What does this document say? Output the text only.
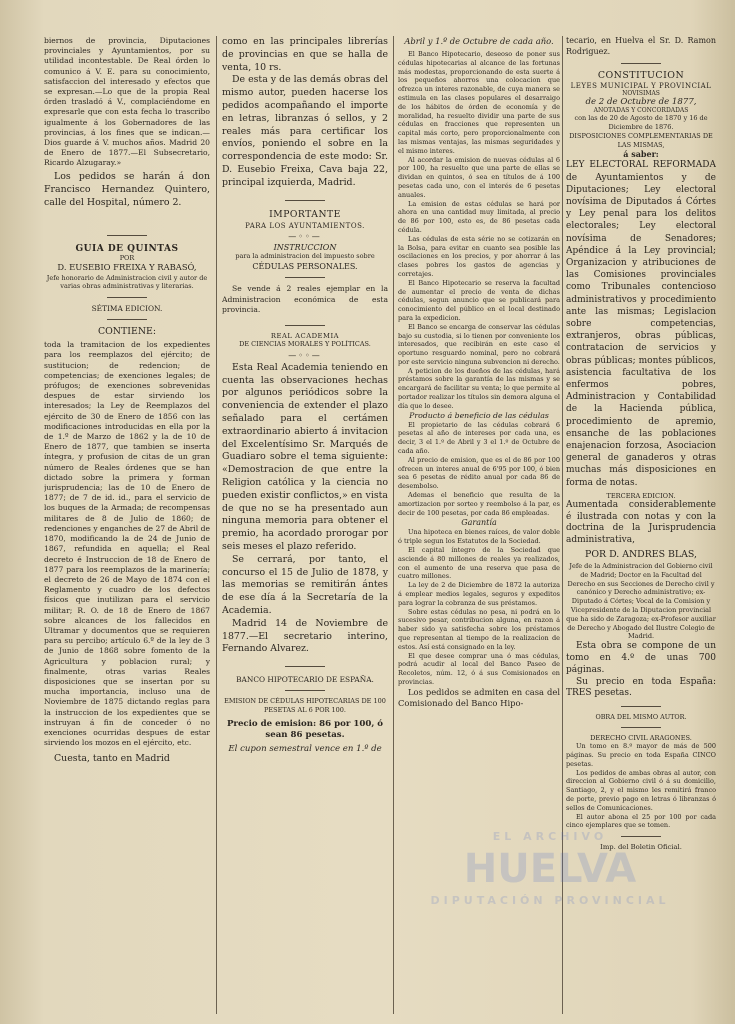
biernos de provincia, Diputaciones provinciales y Ayuntamientos, por su utilidad incontestable. De Real órden lo comunico á V. E. para su conocimiento, satisfaccion del interesado y efectos que se expresan.—Lo que de la propia Real órden trasladó á V., complaciéndome en expresarle que con esta fecha lo trascribo igualmente á los Gobernadores de las provincias, á los fines que se indican.—Dios guarde á V. muchos años. Madrid 20 de Enero de 1877.—El Subsecretario, Ricardo Alzugaray.»

Los pedidos se harán á don Francisco Hernandez Quintero, calle del Hospital, número 2.

GUIA DE QUINTAS

POR

D. EUSEBIO FREIXA Y RABASÓ,

Jefe honorario de Administracion civil y autor de varias obras administrativas y literarias.

SÉTIMA EDICION.

CONTIENE:

toda la tramitacion de los expedientes para los reemplazos del ejército; de sustitucion; de redencion; de competencias; de exenciones legales; de prófugos; de exenciones sobrevenidas despues de estar sirviendo los interesados; la Ley de Reemplazos del ejército de 30 de Enero de 1856 con las modificaciones introducidas en ella por la de 1.º de Marzo de 1862 y la de 10 de Enero de 1877, que tambien se inserta íntegra, y profusion de citas de un gran número de Reales órdenes que se han dictado sobre la primera y forman jurisprudencia; las de 10 de Enero de 1877; de 7 de id. id., para el servicio de los buques de la Armada; de recompensas militares de 8 de Julio de 1860; de redenciones y enganches de 27 de Abril de 1870, modificando la de 24 de Junio de 1867, refundida en aquella; el Real decreto é Instruccion de 18 de Enero de 1877 para los reemplazos de la marinería; el decreto de 26 de Mayo de 1874 con el Reglamento y cuadro de los defectos físicos que inutilizan para el servicio militar; R. O. de 18 de Enero de 1867 sobre alcances de los fallecidos en Ultramar y documentos que se requieren para su percibo; artículo 6.º de la ley de 3 de Junio de 1868 sobre fomento de la Agricultura y poblacion rural; y finalmente, otras varias Reales disposiciones que se insertan por su mucha importancia, incluso una de Noviembre de 1875 dictando reglas para la instruccion de los expedientes que se instruyan á fin de conceder ó no exenciones ocurridas despues de estar sirviendo los mozos en el ejército, etc.

Cuesta, tanto en Madrid

como en las principales librerías de provincias en que se halla de venta, 10 rs.

De esta y de las demás obras del mismo autor, pueden hacerse los pedidos acompañando el importe en letras, libranzas ó sellos, y 2 reales más para certificar los envíos, poniendo el sobre en la correspondencia de este modo: Sr. D. Eusebio Freixa, Cava baja 22, principal izquierda, Madrid.

IMPORTANTE

PARA LOS AYUNTAMIENTOS.

—◦◦—

INSTRUCCION

para la administracion del impuesto sobre

CÉDULAS PERSONALES.

Se vende á 2 reales ejemplar en la Administracion económica de esta provincia.

REAL ACADEMIA

DE CIENCIAS MORALES Y POLÍTICAS.

—◦◦—

Esta Real Academia teniendo en cuenta las observaciones hechas por algunos periódicos sobre la conveniencia de extender el plazo señalado para el certámen extraordinario abierto á invitacion del Excelentísimo Sr. Marqués de Guadiaro sobre el tema siguiente: «Demostracion de que entre la Religion católica y la ciencia no pueden existir conflictos,» en vista de que no se ha presentado aun ninguna memoria para obtener el premio, ha acordado prorogar por seis meses el plazo referido.

Se cerrará, por tanto, el concurso el 15 de Julio de 1878, y las memorias se remitirán ántes de ese día á la Secretaría de la Academia.

Madrid 14 de Noviembre de 1877.—El secretario interino, Fernando Alvarez.

BANCO HIPOTECARIO DE ESPAÑA.

EMISION DE CÉDULAS HIPOTECARIAS DE 100 PESETAS AL 6 POR 100.

Precio de emision: 86 por 100, ó sean 86 pesetas.

El cupon semestral vence en 1.º de

Abril y 1.º de Octubre de cada año.

El Banco Hipotecario, deseoso de poner sus cédulas hipotecarias al alcance de las fortunas más modestas, proporcionando de esta suerte á los pequeños ahorros una colocacion que ofrezca un interes razonable, de cuya manera se estimula en las clases populares el desarraigo de los hábitos de órden de economía y de moralidad, ha resuelto dividir una parte de sus cédulas en fracciones que representen un capital más corto, pero proporcionalmente con las mismas ventajas, las mismas seguridades y el mismo interes.

Al acordar la emision de nuevas cédulas al 6 por 100, ha resuelto que una parte de ellas se dividan en quintos, ó sea en títulos de á 100 pesetas cada uno, con el interés de 6 pesetas anuales.

La emision de estas cédulas se hará por ahora en una cantidad muy limitada, al precio de 86 por 100, esto es, de 86 pesetas cada cédula.

Las cédulas de esta série no se cotizarán en la Bolsa, para evitar en cuanto sea posible las oscilaciones en los precios, y por ahorrar á las clases pobres los gastos de agencias y corretajes.

El Banco Hipotecario se reserva la facultad de aumentar el precio de venta de dichas cédulas, segun anuncio que se publicará para conocimiento del público en el local destinado para la expedicion.

El Banco se encarga de conservar las cédulas bajo su custodia, si lo tienen por conveniente los interesados, que recibirán en este caso el oportuno resguardo nominal, pero no cobrará por este servicio ninguna subvencion ni derecho.

A peticion de los dueños de las cédulas, hará préstamos sobre la garantía de las mismas y se encargará de facilitar su venta; lo que permite al portador realizar los títulos sin demora alguna el día que lo desee.

Producto á beneficio de las cédulas

El propietario de las cédulas cobrará 6 pesetas al año de intereses por cada una, es decir, 3 el 1.º de Abril y 3 el 1.º de Octubre de cada año.

Al precio de emision, que es el de 86 por 100 ofrecen un interes anual de 6'95 por 100, ó bien sea 6 pesetas de rédito anual por cada 86 de desembolso.

Ademas el beneficio que resulta de la amortizacion por sorteo y reembolso á la par, es decir de 100 pesetas, por cada 86 empleadas.

Garantía

Una hipoteca en bienes raíces, de valor doble ó triple segun los Estatutos de la Sociedad.

El capital íntegro de la Sociedad que asciende á 80 millones de reales ya realizados, con el aumento de una reserva que pasa de cuatro millones.

La ley de 2 de Diciembre de 1872 la autoriza á emplear medios legales, seguros y expeditos para lograr la cobranza de sus préstamos.

Sobre estas cédulas no pesa, ni podrá en lo sucesivo pesar, contribucion alguna, en razon á haber sido ya satisfecha sobre los préstamos que representan al tiempo de la realizacion de estos. Así está consignado en la ley.

El que desee comprar una ó mas cédulas, podrá acudir al local del Banco Paseo de Recoletos, núm. 12, ó á sus Comisionados en provincias.

Los pedidos se admiten en casa del Comisionado del Banco Hipo-

tecario, en Huelva el Sr. D. Ramon Rodriguez.

CONSTITUCION

LEYES MUNICIPAL Y PROVINCIAL

NOVISIMAS

de 2 de Octubre de 1877,

ANOTADAS Y CONCORDADAS

con las de 20 de Agosto de 1870 y 16 de Diciembre de 1876.

DISPOSICIONES COMPLEMENTARIAS DE LAS MISMAS,

á saber:

LEY ELECTORAL REFORMADA de Ayuntamientos y de Diputaciones; Ley electoral novísima de Diputados á Córtes y Ley penal para los delitos electorales; Ley electoral novísima de Senadores; Apéndice á la Ley provincial; Organizacion y atribuciones de las Comisiones provinciales como Tribunales contencioso administrativos y procedimiento ante las mismas; Legislacion sobre competencias, extranjeros, obras públicas, contratacion de servicios y obras públicas; montes públicos, asistencia facultativa de los enfermos pobres, Administracion y Contabilidad de la Hacienda pública, procedimiento de apremio, ensanche de las poblaciones enajenacion forzosa, Asociacion general de ganaderos y otras muchas más disposiciones en forma de notas.

TERCERA EDICION.

Aumentada considerablemente é ilustrada con notas y con la doctrina de la Jurisprudencia administrativa,

POR D. ANDRES BLAS,

Jefe de la Administracion del Gobierno civil de Madrid; Doctor en la Facultad del Derecho en sus Secciones de Derecho civil y canónico y Derecho administrativo; ex-Diputado á Córtes; Vocal de la Comision y Vicepresidente de la Diputacion provincial que ha sido de Zaragoza; ex-Profesor auxiliar de Derecho y Abogado del Ilustre Colegio de Madrid.

Esta obra se compone de un tomo en 4.º de unas 700 páginas.

Su precio en toda España: TRES pesetas.

OBRA DEL MISMO AUTOR.

DERECHO CIVIL ARAGONES.

Un tomo en 8.º mayor de más de 500 páginas. Su precio en toda España CINCO pesetas.

Los pedidos de ambas obras al autor, con direccion al Gobierno civil ó á su domicilio, Santiago, 2, y el mismo les remitirá franco de porte, previo pago en letras ó libranzas ó sellos de Comunicaciones.

El autor abona el 25 por 100 por cada cinco ejemplares que se tomen.

Imp. del Boletin Oficial.

EL ARCHIVO
HUELVA
DIPUTACIÓN PROVINCIAL
